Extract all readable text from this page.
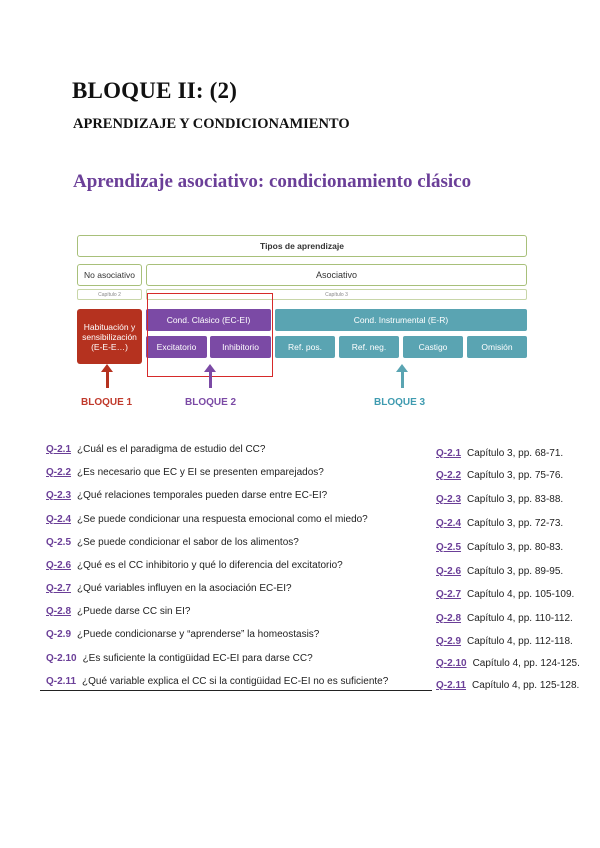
BLOQUE II: (2)
APRENDIZAJE Y CONDICIONAMIENTO
Aprendizaje asociativo: condicionamiento clásico
Tipos de aprendizaje
No asociativo	Asociativo
Capítulo 2	Capítulo 3
Habituación y sensibilización (E-E-E…)
Cond. Clásico (EC-EI)
Excitatorio	Inhibitorio
Cond. Instrumental (E-R)
Ref. pos.	Ref. neg.	Castigo	Omisión
BLOQUE 1	BLOQUE 2	BLOQUE 3
Q-2.1 ¿Cuál es el paradigma de estudio del CC?
Q-2.2 ¿Es necesario que EC y EI se presenten emparejados?
Q-2.3 ¿Qué relaciones temporales pueden darse entre EC-EI?
Q-2.4 ¿Se puede condicionar una respuesta emocional como el miedo?
Q-2.5 ¿Se puede condicionar el sabor de los alimentos?
Q-2.6 ¿Qué es el CC inhibitorio y qué lo diferencia del excitatorio?
Q-2.7 ¿Qué variables influyen en la asociación EC-EI?
Q-2.8 ¿Puede darse CC sin EI?
Q-2.9 ¿Puede condicionarse y “aprenderse” la homeostasis?
Q-2.10 ¿Es suficiente la contigüidad EC-EI para darse CC?
Q-2.11 ¿Qué variable explica el CC si la contigüidad EC-EI no es suficiente?
Q-2.1 Capítulo 3, pp. 68-71.
Q-2.2 Capítulo 3, pp. 75-76.
Q-2.3 Capítulo 3, pp. 83-88.
Q-2.4 Capítulo 3, pp. 72-73.
Q-2.5 Capítulo 3, pp. 80-83.
Q-2.6 Capítulo 3, pp. 89-95.
Q-2.7 Capítulo 4, pp. 105-109.
Q-2.8 Capítulo 4, pp. 110-112.
Q-2.9 Capítulo 4, pp. 112-118.
Q-2.10 Capítulo 4, pp. 124-125.
Q-2.11 Capítulo 4, pp. 125-128.
